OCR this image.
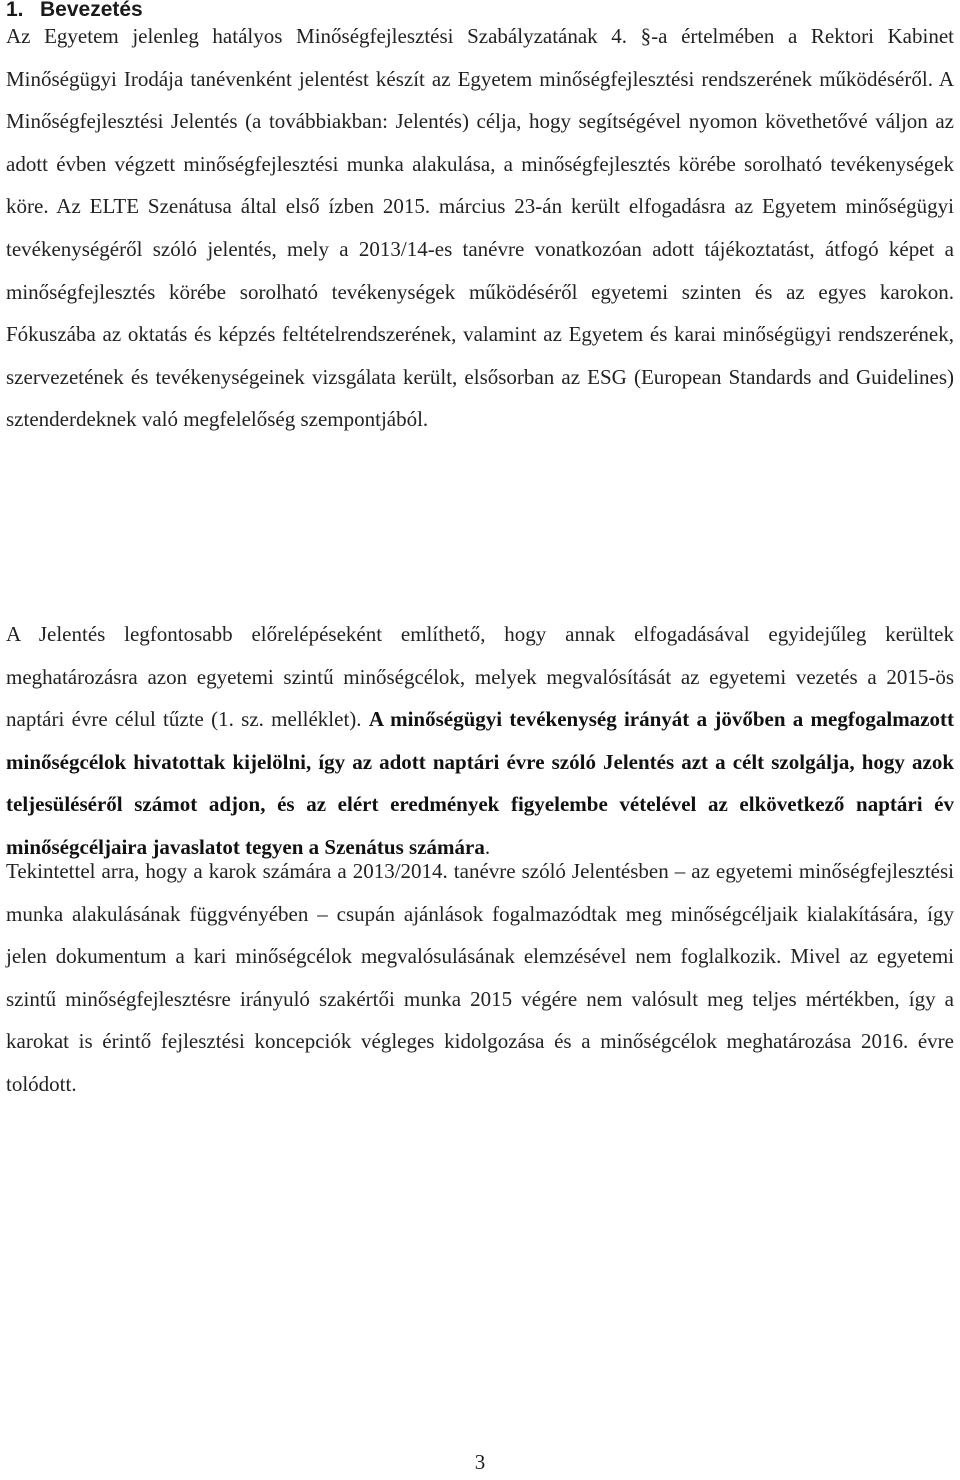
1. Bevezetés

Az Egyetem jelenleg hatályos Minőségfejlesztési Szabályzatának 4. §-a értelmében a Rektori Kabinet Minőségügyi Irodája tanévenként jelentést készít az Egyetem minőségfejlesztési rendszerének működéséről. A Minőségfejlesztési Jelentés (a továbbiakban: Jelentés) célja, hogy segítségével nyomon követhetővé váljon az adott évben végzett minőségfejlesztési munka alakulása, a minőségfejlesztés körébe sorolható tevékenységek köre. Az ELTE Szenátusa által első ízben 2015. március 23-án került elfogadásra az Egyetem minőségügyi tevékenységéről szóló jelentés, mely a 2013/14-es tanévre vonatkozóan adott tájékoztatást, átfogó képet a minőségfejlesztés körébe sorolható tevékenységek működéséről egyetemi szinten és az egyes karokon. Fókuszába az oktatás és képzés feltételrendszerének, valamint az Egyetem és karai minőségügyi rendszerének, szervezetének és tevékenységeinek vizsgálata került, elsősorban az ESG (European Standards and Guidelines) sztenderdeknek való megfelelőség szempontjából.

A Jelentés legfontosabb előrelépéseként említhető, hogy annak elfogadásával egyidejűleg kerültek meghatározásra azon egyetemi szintű minőségcélok, melyek megvalósítását az egyetemi vezetés a 2015-ös naptári évre célul tűzte (1. sz. melléklet). A minőségügyi tevékenység irányát a jövőben a megfogalmazott minőségcélok hivatottak kijelölni, így az adott naptári évre szóló Jelentés azt a célt szolgálja, hogy azok teljesüléséről számot adjon, és az elért eredmények figyelembe vételével az elkövetkező naptári év minőségcéljaira javaslatot tegyen a Szenátus számára.

Tekintettel arra, hogy a karok számára a 2013/2014. tanévre szóló Jelentésben – az egyetemi minőségfejlesztési munka alakulásának függvényében – csupán ajánlások fogalmazódtak meg minőségcéljaik kialakítására, így jelen dokumentum a kari minőségcélok megvalósulásának elemzésével nem foglalkozik. Mivel az egyetemi szintű minőségfejlesztésre irányuló szakértői munka 2015 végére nem valósult meg teljes mértékben, így a karokat is érintő fejlesztési koncepciók végleges kidolgozása és a minőségcélok meghatározása 2016. évre tolódott.

3
